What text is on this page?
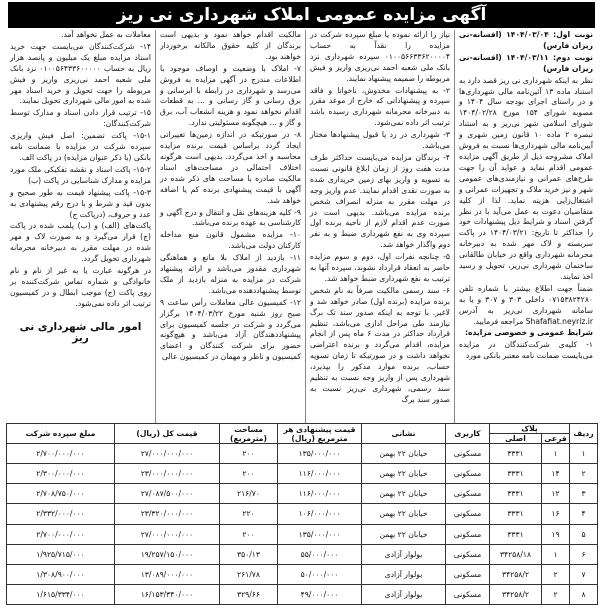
آگهی مزایده عمومی املاک شهرداری نی ریز

نوبت اول: ۱۴۰۴/۰۳/۰۴ (افسانه-نی ریزان فارس)

نوبت دوم: ۱۴۰۴/۰۳/۱۱ (افسانه-نی ریزان فارس)

نظر به اینکه شهرداری نی ریز قصد دارد به استناد ماده ۱۳ آئین‌نامه مالی شهرداری‌ها و در راستای اجرای بودجه سال ۱۴۰۴ و مصوبه شورای ۱۵۴ مورخ ۱۴۰۴/۰۲/۲۸ شورای اسلامی شهر نی‌ریز و به استناد تبصره ۲ ماده ۱۰ قانون زمین شهری و آیین‌نامه مالی شهرداری‌ها نسبت به فروش املاک مشروحه ذیل از طریق آگهی مزایده عمومی اقدام نماید و عواید آن را جهت طرح‌های عمرانی و نیازمندی‌های عمومی شهر و نیز خرید ملاک و تجهیزات عمرانی و اشتغال‌زایی هزینه نماید. لذا از کلیه متقاضیان دعوت به عمل می‌آید با در نظر گرفتن اسناد و شرایط ذیل پیشنهادات خود را حداکثر تا تاریخ: ۱۴۰۴/۰۳/۲۱ در پاکت سربسته و لاک مهر شده به دبیرخانه محرمانه شهرداری واقع در خیابان طالقانی ساختمان شهرداری نی‌ریز، تحویل و رسید اخذ نمایند.

ضمناً جهت اطلاع بیشتر با شماره تلفن ۰۷۱۵۳۸۲۴۲۸۰ داخلی ۳۰۳ و ۳۰۷ و یا به سامانه شهرداری نی‌ریز به آدرس Shafafiat.neyriz.ir مراجعه فرمایید.

شرایط عمومی و خصوصی مزایده:

۱- کلیه‌ی شرکت‌کنندگان در مزایده می‌بایست ضمانت نامه معتبر بانکی مورد

نیاز را ارائه نموده یا مبلغ سپرده شرکت در مزایده را نقداً به حساب ۰۱۰۰۵۶۶۳۳۶۲۰۰۰۰۴ سپرده شهرداری نزد بانک ملی شعبه احمد نی‌ریزی واریز و فیش مربوطه را ضمیمه پیشنهاد نمایند.

۲- به پیشنهادات مخدوش، ناخوانا و فاقد سپرده و پیشنهاداتی که خارج از موعد مقرر به دبیرخانه محرمانه شهرداری رسیده باشد ترتیب اثر داده نمی‌شود.

۳- شهرداری در رد یا قبول پیشنهادها مختار می‌باشد.

۴- برندگان مزایده می‌بایست حداکثر ظرف مدت هفت روز از زمان ابلاغ قانونی نسبت به تسویه و واریز بهای زمین خریداری شده به صورت نقدی اقدام نمایند. عدم واریز وجه در مهلت مقرر به منزله انصراف شخص برنده مزایده می‌باشد. بدیهی است در صورت عدم اقدام لازم از ناحیه برنده اول سپرده وی به نفع شهرداری ضبط و به نفر دوم واگذار خواهد شد.

۵- چنانچه نفرات اول، دوم و سوم مزایده حاضر به انعقاد قرارداد نشوند، سپرده آنها به ترتیب به نفع شهرداری ضبط خواهد شد.

۶- سند رسمی مالکیت صرفاً به نام شخص برنده مزایده (برنده اول) صادر خواهد شد و لاغیر. با توجه به اینکه صدور سند تک برگ نیازمند طی مراحل اداری می‌باشد، تنظیم قرارداد حداکثر در مدت ۶ ماه پس از انجام مزایده، اقدام می‌گردد و برنده اعتراضی نخواهد داشت و در صورتیکه تا زمان تسویه حساب، برنده موارد مذکور را بپذیرد، شهرداری پس از واریز وجه نسبت به تنظیم سند رسمی، شهرداری نی‌ریز نسبت به صدور سند برگ

مالکیت اقدام خواهد نمود و بدیهی است برندگان از کلیه حقوق مالکانه برخوردار خواهند بود.

۷- املاک با وضعیت و اوصاف موجود با اطلاعات مندرج در آگهی مزایده به فروش می‌رسد و شهرداری در رابطه با ابرسانی و برق رسانی و گاز رسانی و ... به قطعات اقدام نخواهد نمود و هزینه انشعاب آب، برق و گاز و ... هیچگونه مسئولیتی ندارد.

۸- در صورتیکه در اندازه زمین‌ها تغییراتی ایجاد گردد براساس قیمت برنده مزایده محاسبه و اخذ می‌گردد. بدیهی است هرگونه اختلاف احتمالی در مساحت‌های اسناد مالکیت صادره با مساحت های ذکر شده در آگهی با قیمت پیشنهادی برنده کم یا اضافه خواهد شد.

۹- کلیه هزینه‌های نقل و انتقال و درج آگهی و کارشناسی به عهده برنده می‌باشد.

۱۰- مزایده مشمول قانون منع مداخله کارکنان دولت می‌باشد.

۱۱- بازدید از املاک بلا مانع و هماهنگی شهرداری مقدور می‌باشد و ارائه پیشنهاد شرکت در مزایده به منزله بازدید از ملک توسط پیشنهاددهنده می‌باشد.

۱۲- کمیسیون عالی معاملات رأس ساعت ۹ صبح روز شنبه مورخ ۱۴۰۴/۰۳/۲۲ برگزار می‌گردد و شرکت در جلسه کمیسیون برای پیشنهاددهندگان آزاد می‌باشد و هیچ‌گونه حضور برای شرکت کنندگان و اعضای کمیسیون و ناظر و مهمان در کمیسیون عالی

معاملات به عمل نخواهد آمد.

۱۴- شرکت‌کنندگان می‌بایست جهت خرید اسناد مزایده مبلغ یک میلیون و پانصد هزار ریال به حساب ۰۱۰۰۵۶۴۳۳۶۰۰۰۰۰ نزد بانک ملی شعبه احمد نی‌ریزی واریز و فیش مربوطه را جهت تحویل و خرید اسناد مهر شده به امور مالی شهرداری تحویل نمایند.

۱۵- ترتیب قرار دادن اسناد و مدارک توسط شرکت‌کنندگان:

۱۵-۱- پاکت تضمین: اصل فیش واریزی سپرده شرکت در مزایده یا ضمانت نامه بانکی (با ذکر عنوان مزایده) در پاکت الف.

۱۵-۲- پاکت اسناد و نقشه تفکیکی ملک مورد مزایده و مدارک شناسایی در پاکت (ب)

۱۵-۳- پاکت پیشنهاد قیمت به طور صحیح و بدون قید و شرط و با درج رقم پیشنهادی به عدد و حروف، (درپاکت ج)

پاکت‌های (الف) و (ب) پلمب شده در پاکت (ج) قرار می‌گیرد و به صورت لاک و مهر شده در مهلت مقرر به دبیرخانه محرمانه شهرداری تحویل گردد.

در هرگونه عبارت یا به غیر از نام و نام خانوادگی و شماره تماس شرکت‌کننده بر روی پاکت (ج) موجب ابطال و در کمیسیون ترتیب اثر داده نمی‌شود.

امور مالی شهرداری نی ریز
ردیف	پلاک		کاربری	نشانی	قیمت پیشنهادی هر مترمربع (ریال)	مساحت (مترمربع)	قیمت کل (ریال)	مبلغ سپرده شرکت
	فرعی	اصلی						
۱	۱	۳۳۳۱	مسکونی	خیابان ۲۲ بهمن	۱۳۵/۰۰۰/۰۰۰	۲۰۰	۲۷/۰۰۰/۰۰۰/۰۰۰	۲/۷۰۰/۰۰۰/۰۰۰
۲	۱۴	۳۳۳۱	مسکونی	خیابان ۲۲ بهمن	۱۱۶/۰۰۰/۰۰۰	۲۰۰	۲۳/۰۰۰/۰۰۰/۰۰۰	۲/۳۰۰/۰۰۰/۰۰۰
۳	۱۲	۳۳۳۱	مسکونی	خیابان ۲۲ بهمن	۱۱۶/۰۰۰/۰۰۰	۲۱۶/۷۰	۲۷/۰۸۷/۵۰۰/۰۰۰	۲/۷۰۸/۷۵۰/۰۰۰
۴	۱۶	۳۳۳۱	مسکونی	خیابان ۲۲ بهمن	۱۰۶/۰۰۰/۰۰۰	۲۲۰	۲۳/۳۲۰/۰۰۰/۰۰۰	۲/۳۳۲/۰۰۰/۰۰۰
۵	۱۹	۳۳۳۱	مسکونی	خیابان ۲۲ بهمن	۱۳۵/۰۰۰/۰۰۰	۲۰۰	۲۷/۰۰۰/۰۰۰/۰۰۰	۲/۷۰۰/۰۰۰/۰۰۰
۶	۱	۳۴۲۵۸/۱۸	مسکونی	بولوار آزادی	۵۵/۰۰۰/۰۰۰	۳۵۰/۱۳	۱۹/۲۵۷/۱۵۰/۰۰۰	۱/۹۲۵/۷۱۵/۰۰۰
۷	۲	۳۴۲۵۸/۲	مسکونی	بولوار آزادی	۵۰/۰۰۰/۰۰۰	۲۶۱/۷۸	۱۳/۰۸۹/۰۰۰/۰۰۰	۱/۳۰۸/۹۰۰/۰۰۰
۸	۲	۳۴۲۵۸/۲	مسکونی	بولوار آزادی	۴۹/۰۰۰/۰۰۰	۳۲۹/۶۶	۱۶/۱۵۳/۳۴۰/۰۰۰	۱/۶۱۵/۳۳۴/۰۰۰
